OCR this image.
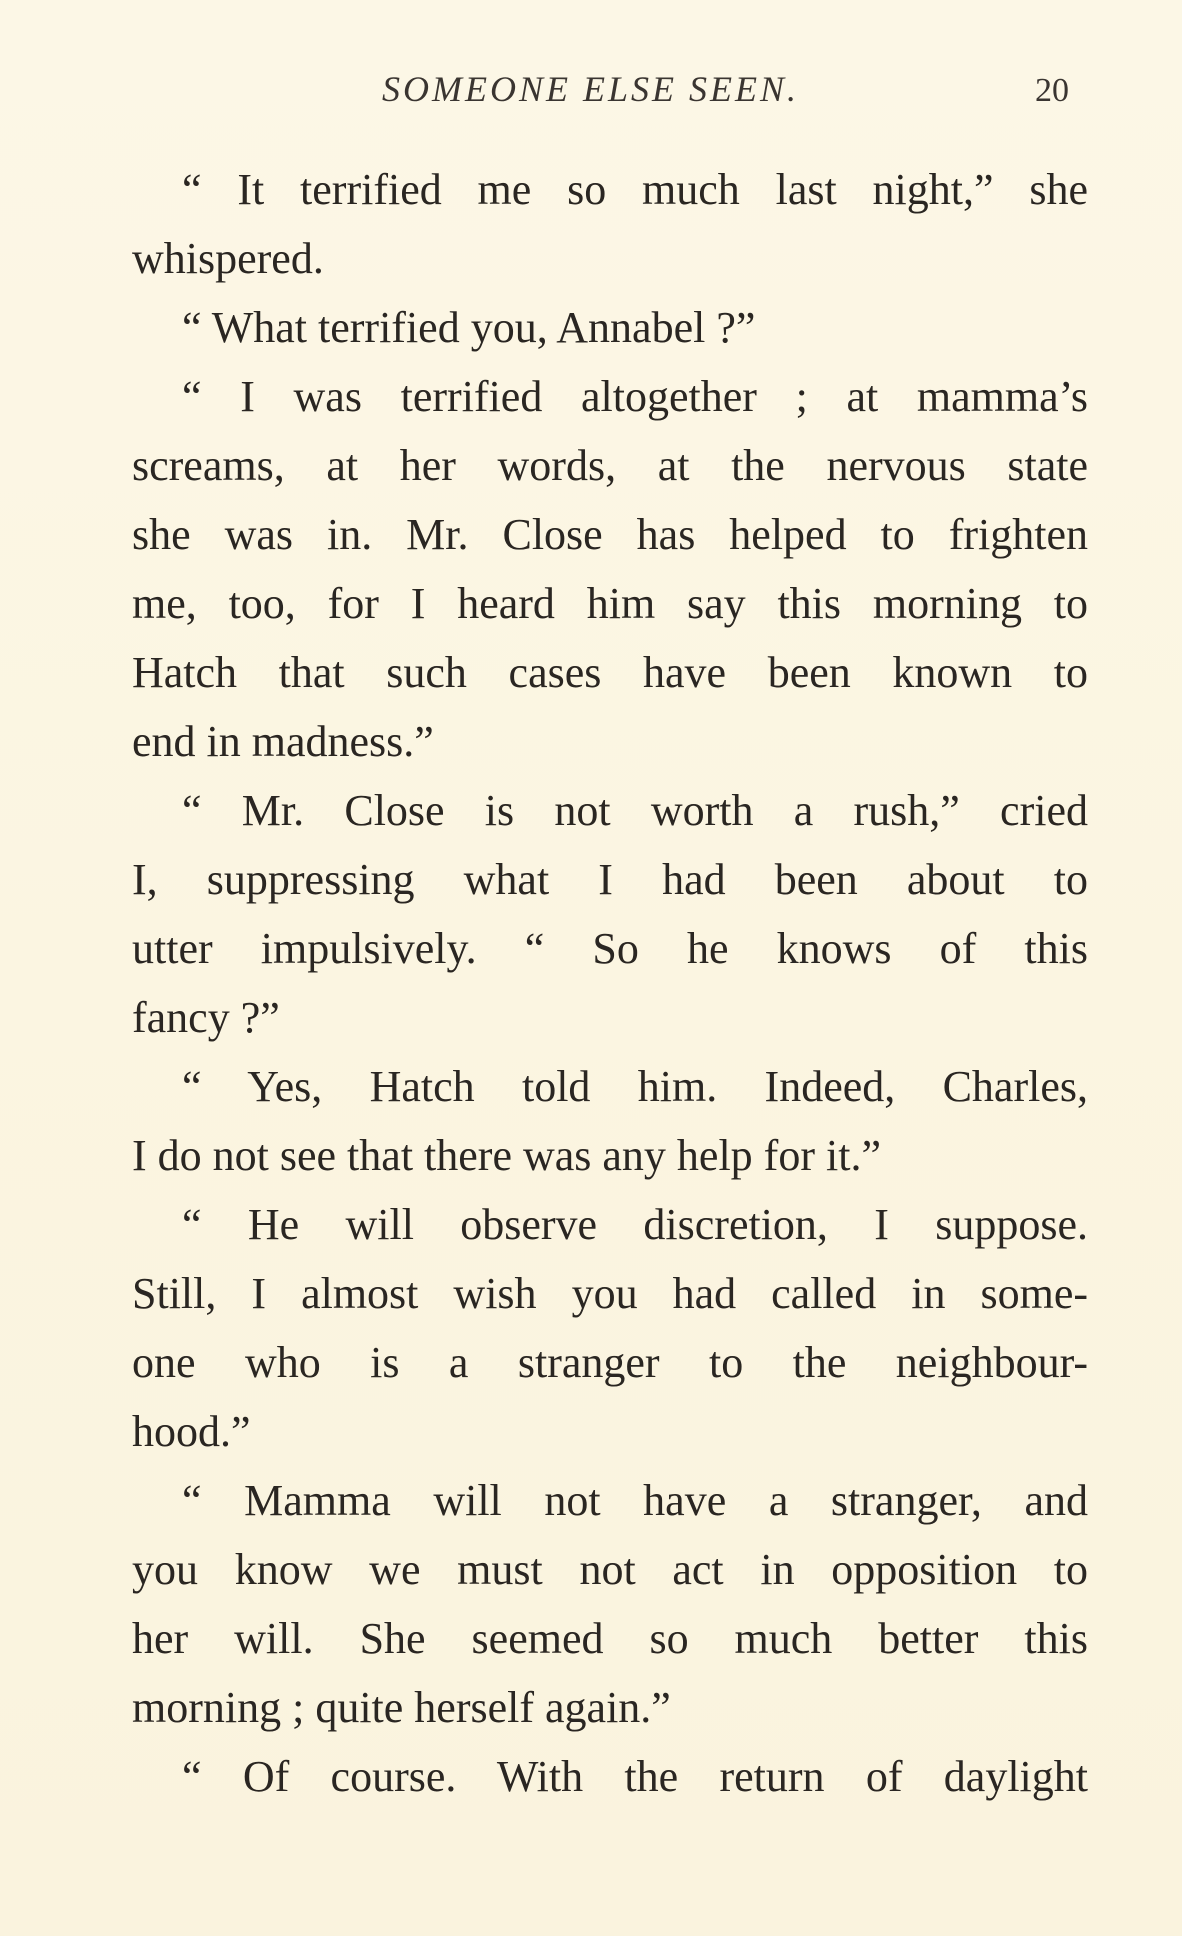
SOMEONE ELSE SEEN.	20
“ It terrified me so much last night,” she
whispered.
“ What terrified you, Annabel ?”
“ I was terrified altogether ; at mamma’s
screams, at her words, at the nervous state
she was in. Mr. Close has helped to frighten
me, too, for I heard him say this morning to
Hatch that such cases have been known to
end in madness.”
“ Mr. Close is not worth a rush,” cried
I, suppressing what I had been about to
utter impulsively. “ So he knows of this
fancy ?”
“ Yes, Hatch told him. Indeed, Charles,
I do not see that there was any help for it.”
“ He will observe discretion, I suppose.
Still, I almost wish you had called in some-
one who is a stranger to the neighbour-
hood.”
“ Mamma will not have a stranger, and
you know we must not act in opposition to
her will. She seemed so much better this
morning ; quite herself again.”
“ Of course. With the return of daylight
